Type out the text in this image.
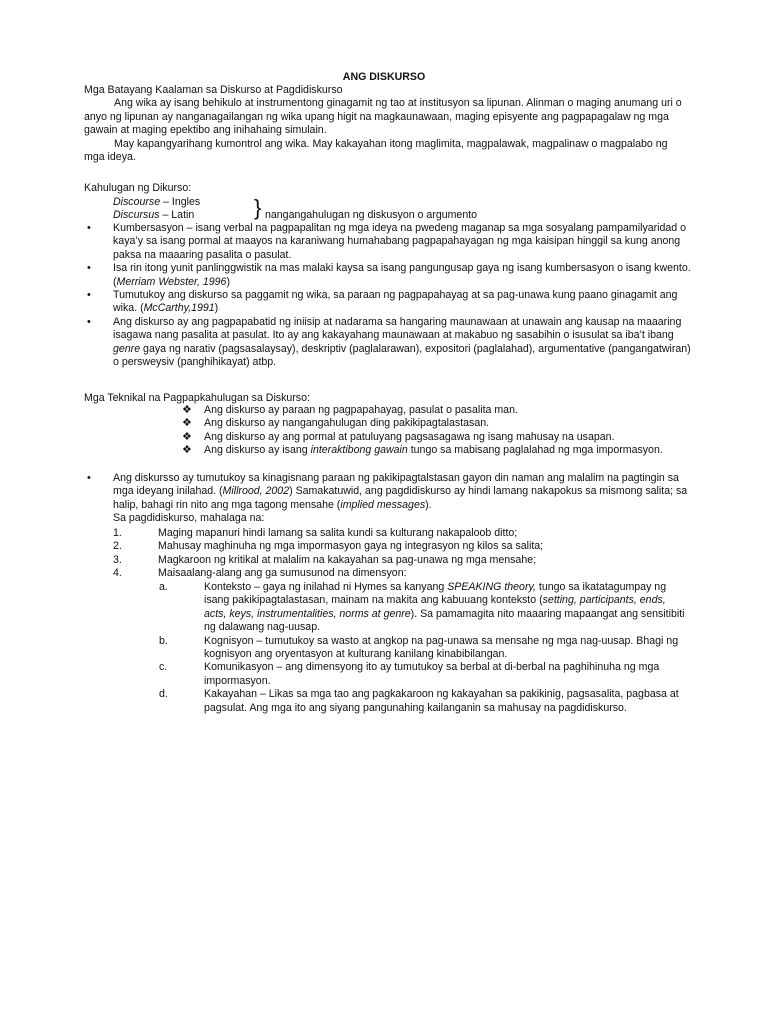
ANG DISKURSO

Mga Batayang Kaalaman sa Diskurso at Pagdidiskurso

Ang wika ay isang behikulo at instrumentong ginagamit ng tao at institusyon sa lipunan. Alinman o maging anumang uri o anyo ng lipunan ay nanganagailangan ng wika upang higit na magkaunawaan, maging episyente ang pagpapagalaw ng mga gawain at maging epektibo ang inihahaing simulain.

May kapangyarihang kumontrol ang wika. May kakayahan itong maglimita, magpalawak, magpalinaw o magpalabo ng mga ideya.

Kahulugan ng Dikurso:
Discourse – Ingles
Discursus – Latin	} nangangahulugan ng diskusyon o argumento
• Kumbersasyon – isang verbal na pagpapalitan ng mga ideya na pwedeng maganap sa mga sosyalang pampamilyaridad o kaya’y sa isang pormal at maayos na karaniwang humahabang pagpapahayagan ng mga kaisipan hinggil sa kung anong paksa na maaaring pasalita o pasulat.
• Isa rin itong yunit panlinggwistik na mas malaki kaysa sa isang pangungusap gaya ng isang kumbersasyon o isang kwento. (Merriam Webster, 1996)
• Tumutukoy ang diskurso sa paggamit ng wika, sa paraan ng pagpapahayag at sa pag-unawa kung paano ginagamit ang wika. (McCarthy,1991)
• Ang diskurso ay ang pagpapabatid ng iniisip at nadarama sa hangaring maunawaan at unawain ang kausap na maaaring isagawa nang pasalita at pasulat. Ito ay ang kakayahang maunawaan at makabuo ng sasabihin o isusulat sa iba’t ibang genre gaya ng narativ (pagsasalaysay), deskriptiv (paglalarawan), expositori (paglalahad), argumentative (pangangatwiran) o persweysiv (panghihikayat) atbp.
Mga Teknikal na Pagpapkahulugan sa Diskurso:
❖ Ang diskurso ay paraan ng pagpapahayag, pasulat o pasalita man.
❖ Ang diskurso ay nangangahulugan ding pakikipagtalastasan.
❖ Ang diskurso ay ang pormal at patuluyang pagsasagawa ng isang mahusay na usapan.
❖ Ang diskurso ay isang interaktibong gawain tungo sa mabisang paglalahad ng mga impormasyon.
• Ang diskursso ay tumutukoy sa kinagisnang paraan ng pakikipagtalstasan gayon din naman ang malalim na pagtingin sa mga ideyang inilahad. (Millrood, 2002) Samakatuwid, ang pagdidiskurso ay hindi lamang nakapokus sa mismong salita; sa halip, bahagi rin nito ang mga tagong mensahe (implied messages).
Sa pagdidiskurso, mahalaga na:
1.	Maging mapanuri hindi lamang sa salita kundi sa kulturang nakapaloob ditto;
2.	Mahusay maghinuha ng mga impormasyon gaya ng integrasyon ng kilos sa salita;
3.	Magkaroon ng kritikal at malalim na kakayahan sa pag-unawa ng mga mensahe;
4.	Maisaalang-alang ang ga sumusunod na dimensyon:
a.	Konteksto – gaya ng inilahad ni Hymes sa kanyang SPEAKING theory, tungo sa ikatatagumpay ng isang pakikipagtalastasan, mainam na makita ang kabuuang konteksto (setting, participants, ends, acts, keys, instrumentalities, norms at genre). Sa pamamagita nito maaaring mapaangat ang sensitibiti ng dalawang nag-uusap.
b.	Kognisyon – tumutukoy sa wasto at angkop na pag-unawa sa mensahe ng mga nag-uusap. Bhagi ng kognisyon ang oryentasyon at kulturang kanilang kinabibilangan.
c.	Komunikasyon – ang dimensyong ito ay tumutukoy sa berbal at di-berbal na paghihinuha ng mga impormasyon.
d.	Kakayahan – Likas sa mga tao ang pagkakaroon ng kakayahan sa pakikinig, pagsasalita, pagbasa at pagsulat. Ang mga ito ang siyang pangunahing kailanganin sa mahusay na pagdidiskurso.
